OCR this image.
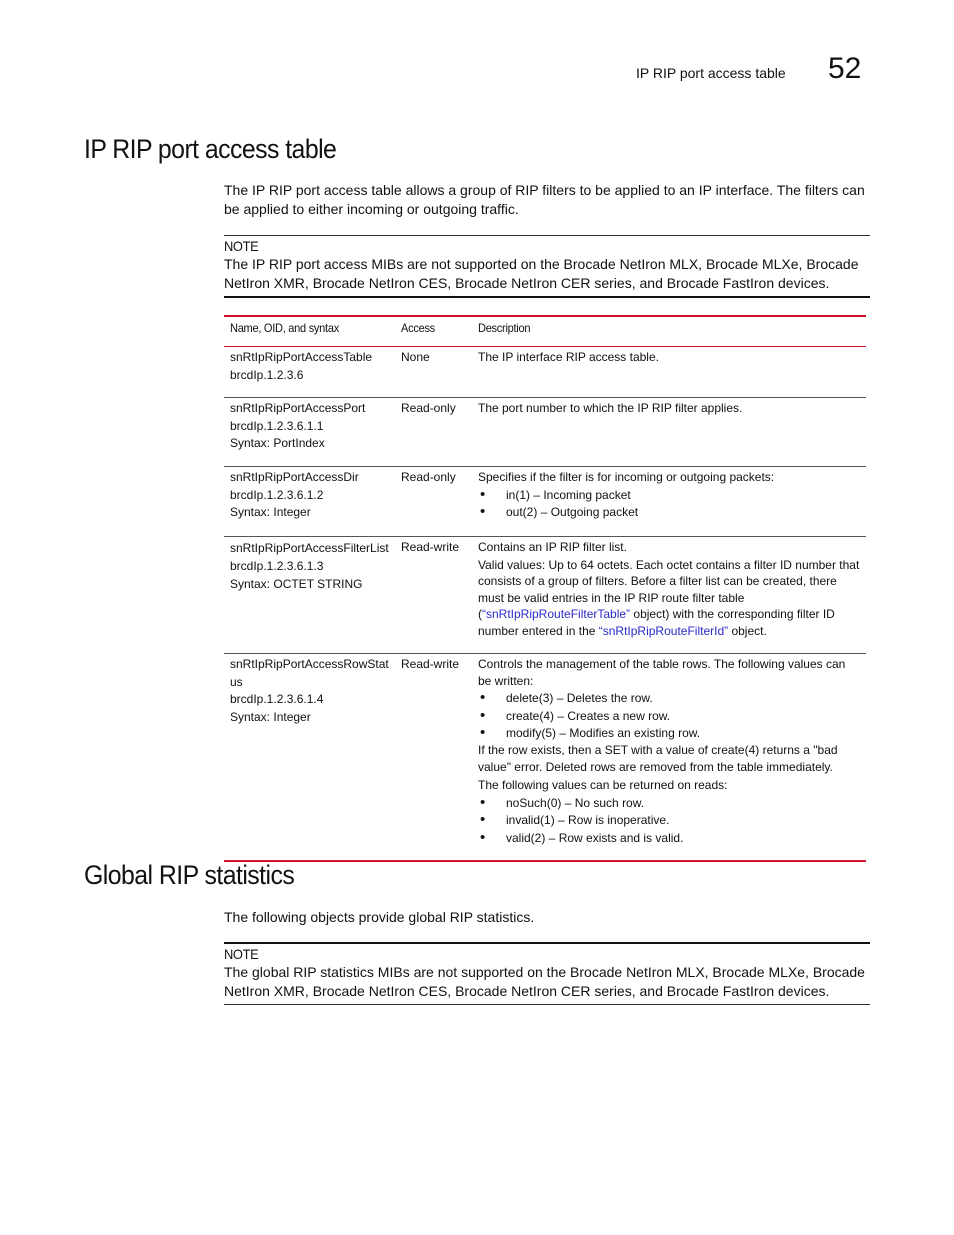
IP RIP port access table 52
IP RIP port access table
The IP RIP port access table allows a group of RIP filters to be applied to an IP interface. The filters can be applied to either incoming or outgoing traffic.
NOTE
The IP RIP port access MIBs are not supported on the Brocade NetIron MLX, Brocade MLXe, Brocade NetIron XMR, Brocade NetIron CES, Brocade NetIron CER series, and Brocade FastIron devices.
Name, OID, and syntax	Access	Description
snRtIpRipPortAccessTable
brcdIp.1.2.3.6
None	The IP interface RIP access table.
snRtIpRipPortAccessPort
brcdIp.1.2.3.6.1.1
Syntax: PortIndex
Read-only	The port number to which the IP RIP filter applies.
snRtIpRipPortAccessDir
brcdIp.1.2.3.6.1.2
Syntax: Integer
Read-only	Specifies if the filter is for incoming or outgoing packets:
• in(1) – Incoming packet
• out(2) – Outgoing packet
snRtIpRipPortAccessFilterList
brcdIp.1.2.3.6.1.3
Syntax: OCTET STRING
Read-write	Contains an IP RIP filter list.
Valid values: Up to 64 octets. Each octet contains a filter ID number that consists of a group of filters. Before a filter list can be created, there must be valid entries in the IP RIP route filter table (“snRtIpRipRouteFilterTable” object) with the corresponding filter ID number entered in the “snRtIpRipRouteFilterId” object.
snRtIpRipPortAccessRowStat
us
brcdIp.1.2.3.6.1.4
Syntax: Integer
Read-write	Controls the management of the table rows. The following values can be written:
• delete(3) – Deletes the row.
• create(4) – Creates a new row.
• modify(5) – Modifies an existing row.
If the row exists, then a SET with a value of create(4) returns a "bad value" error. Deleted rows are removed from the table immediately.
The following values can be returned on reads:
• noSuch(0) – No such row.
• invalid(1) – Row is inoperative.
• valid(2) – Row exists and is valid.
Global RIP statistics
The following objects provide global RIP statistics.
NOTE
The global RIP statistics MIBs are not supported on the Brocade NetIron MLX, Brocade MLXe, Brocade NetIron XMR, Brocade NetIron CES, Brocade NetIron CER series, and Brocade FastIron devices.
